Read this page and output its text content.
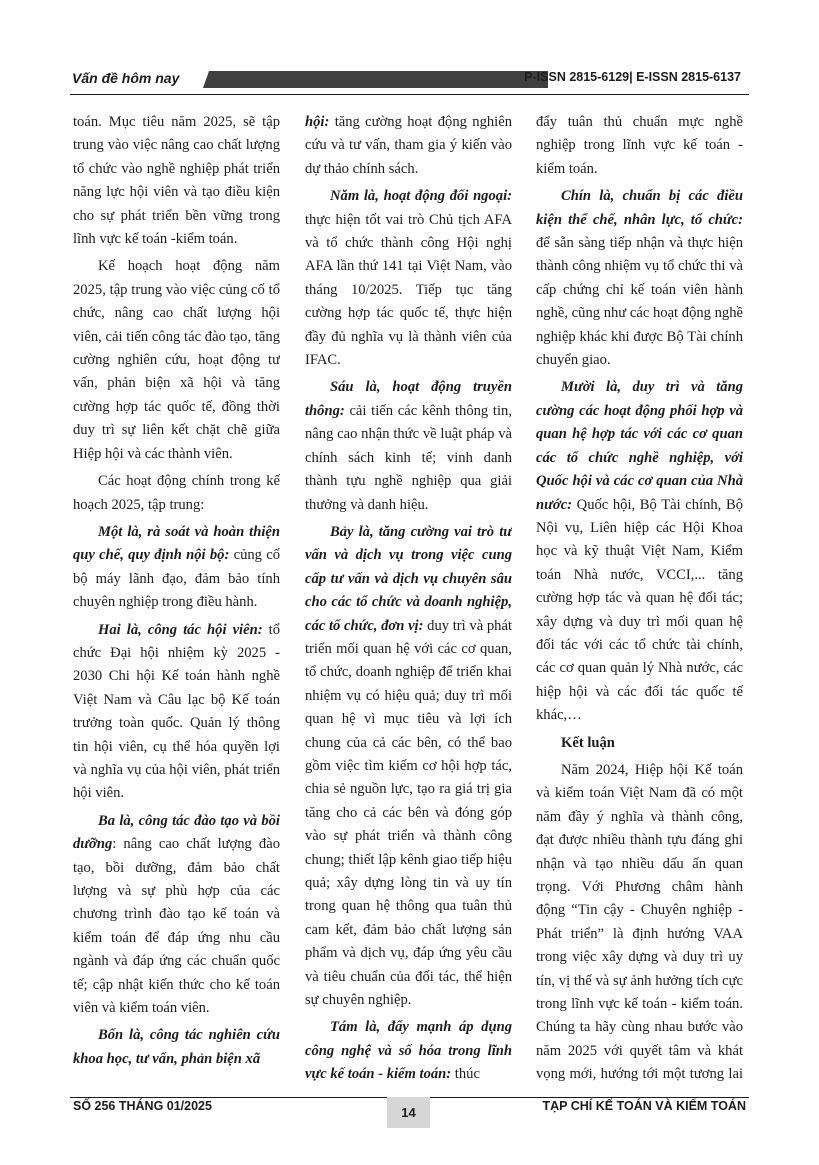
Vấn đề hôm nay	P-ISSN 2815-6129| E-ISSN 2815-6137

toán. Mục tiêu năm 2025, sẽ tập trung vào việc nâng cao chất lượng tổ chức vào nghề nghiệp phát triển năng lực hội viên và tạo điều kiện cho sự phát triển bền vững trong lĩnh vực kế toán -kiểm toán.

Kế hoạch hoạt động năm 2025, tập trung vào việc củng cố tổ chức, nâng cao chất lượng hội viên, cải tiến công tác đào tạo, tăng cường nghiên cứu, hoạt động tư vấn, phản biện xã hội và tăng cường hợp tác quốc tế, đồng thời duy trì sự liên kết chặt chẽ giữa Hiệp hội và các thành viên.

Các hoạt động chính trong kế hoạch 2025, tập trung:

Một là, rà soát và hoàn thiện quy chế, quy định nội bộ: củng cố bộ máy lãnh đạo, đảm bảo tính chuyên nghiệp trong điều hành.

Hai là, công tác hội viên: tổ chức Đại hội nhiệm kỳ 2025 - 2030 Chi hội Kế toán hành nghề Việt Nam và Câu lạc bộ Kế toán trưởng toàn quốc. Quản lý thông tin hội viên, cụ thể hóa quyền lợi và nghĩa vụ của hội viên, phát triển hội viên.

Ba là, công tác đào tạo và bồi dưỡng: nâng cao chất lượng đào tạo, bồi dưỡng, đảm bảo chất lượng và sự phù hợp của các chương trình đào tạo kế toán và kiểm toán để đáp ứng nhu cầu ngành và đáp ứng các chuẩn quốc tế; cập nhật kiến thức cho kế toán viên và kiểm toán viên.

Bốn là, công tác nghiên cứu khoa học, tư vấn, phản biện xã

hội: tăng cường hoạt động nghiên cứu và tư vấn, tham gia ý kiến vào dự thảo chính sách.

Năm là, hoạt động đối ngoại: thực hiện tốt vai trò Chủ tịch AFA và tổ chức thành công Hội nghị AFA lần thứ 141 tại Việt Nam, vào tháng 10/2025. Tiếp tục tăng cường hợp tác quốc tế, thực hiện đầy đủ nghĩa vụ là thành viên của IFAC.

Sáu là, hoạt động truyền thông: cải tiến các kênh thông tin, nâng cao nhận thức về luật pháp và chính sách kinh tế; vinh danh thành tựu nghề nghiệp qua giải thưởng và danh hiệu.

Bảy là, tăng cường vai trò tư vấn và dịch vụ trong việc cung cấp tư vấn và dịch vụ chuyên sâu cho các tổ chức và doanh nghiệp, các tổ chức, đơn vị: duy trì và phát triển mối quan hệ với các cơ quan, tổ chức, doanh nghiệp để triển khai nhiệm vụ có hiệu quả; duy trì mối quan hệ vì mục tiêu và lợi ích chung của cả các bên, có thể bao gồm việc tìm kiếm cơ hội hợp tác, chia sẻ nguồn lực, tạo ra giá trị gia tăng cho cả các bên và đóng góp vào sự phát triển và thành công chung; thiết lập kênh giao tiếp hiệu quả; xây dựng lòng tin và uy tín trong quan hệ thông qua tuân thủ cam kết, đảm bảo chất lượng sản phẩm và dịch vụ, đáp ứng yêu cầu và tiêu chuẩn của đối tác, thể hiện sự chuyên nghiệp.

Tám là, đẩy mạnh áp dụng công nghệ và số hóa trong lĩnh vực kế toán - kiểm toán: thúc

đẩy tuân thủ chuẩn mực nghề nghiệp trong lĩnh vực kế toán - kiểm toán.

Chín là, chuẩn bị các điều kiện thể chế, nhân lực, tổ chức: để sẵn sàng tiếp nhận và thực hiện thành công nhiệm vụ tổ chức thi và cấp chứng chỉ kế toán viên hành nghề, cũng như các hoạt động nghề nghiệp khác khi được Bộ Tài chính chuyển giao.

Mười là, duy trì và tăng cường các hoạt động phối hợp và quan hệ hợp tác với các cơ quan các tổ chức nghề nghiệp, với Quốc hội và các cơ quan của Nhà nước: Quốc hội, Bộ Tài chính, Bộ Nội vụ, Liên hiệp các Hội Khoa học và kỹ thuật Việt Nam, Kiểm toán Nhà nước, VCCI,... tăng cường hợp tác và quan hệ đối tác; xây dựng và duy trì mối quan hệ đối tác với các tổ chức tài chính, các cơ quan quản lý Nhà nước, các hiệp hội và các đối tác quốc tế khác,…

Kết luận

Năm 2024, Hiệp hội Kế toán và kiểm toán Việt Nam đã có một năm đầy ý nghĩa và thành công, đạt được nhiều thành tựu đáng ghi nhận và tạo nhiều dấu ấn quan trọng. Với Phương châm hành động “Tin cậy - Chuyên nghiệp - Phát triển” là định hướng VAA trong việc xây dựng và duy trì uy tín, vị thế và sự ảnh hưởng tích cực trong lĩnh vực kế toán - kiểm toán. Chúng ta hãy cùng nhau bước vào năm 2025 với quyết tâm và khát vọng mới, hướng tới một tương lai

SỐ 256 THÁNG 01/2025	14	TẠP CHÍ KẾ TOÁN VÀ KIỂM TOÁN
